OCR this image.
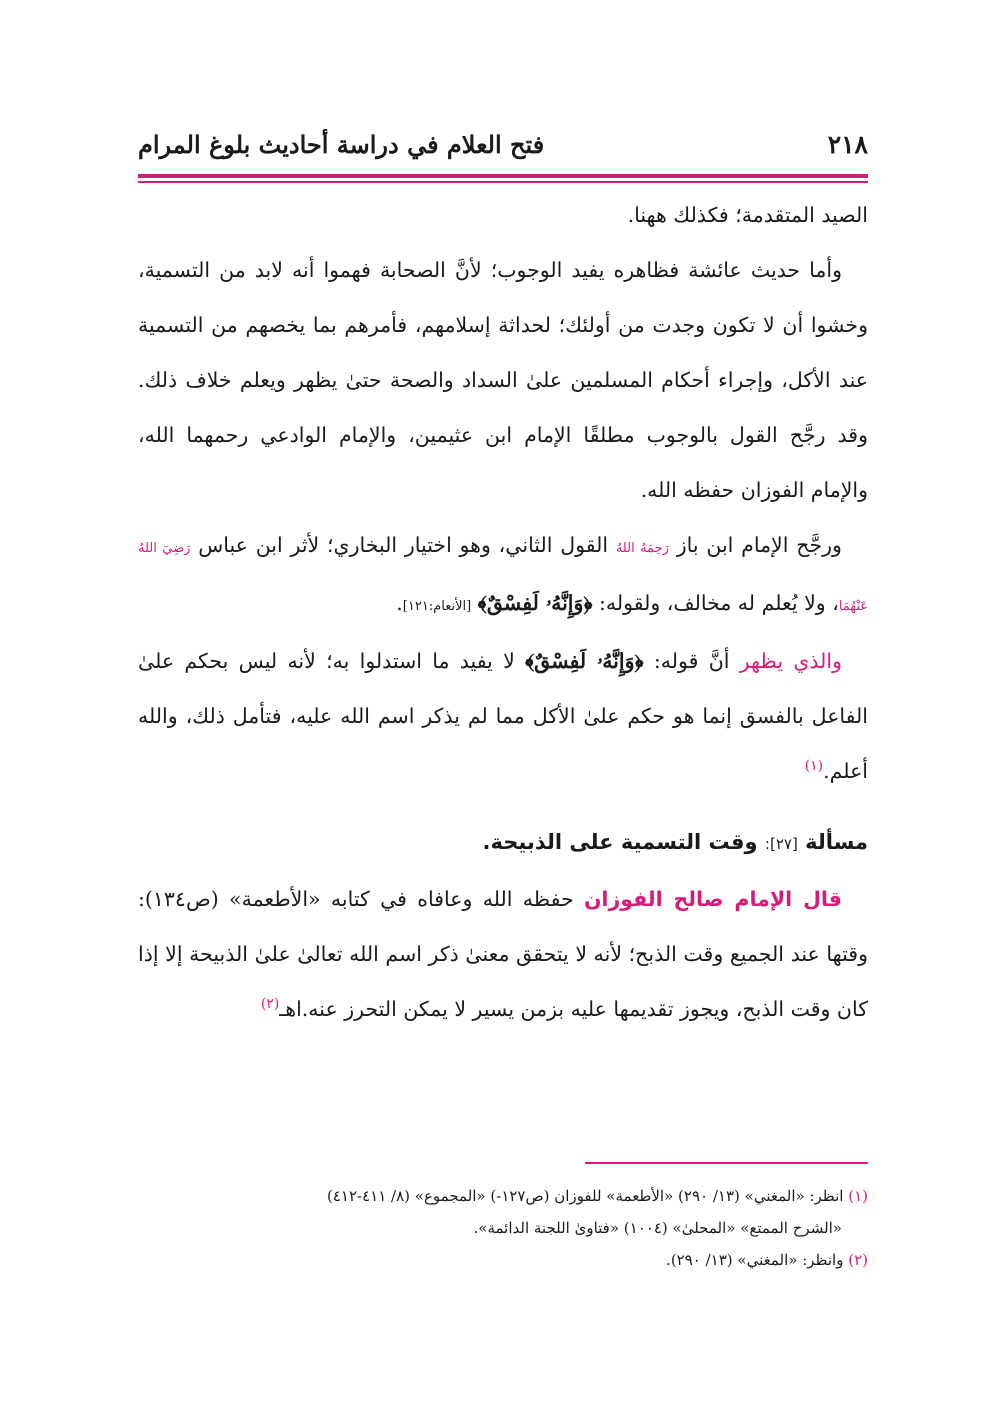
٢١٨
فتح العلام في دراسة أحاديث بلوغ المرام

الصيد المتقدمة؛ فكذلك ههنا.

وأما حديث عائشة فظاهره يفيد الوجوب؛ لأنَّ الصحابة فهموا أنه لابد من التسمية، وخشوا أن لا تكون وجدت من أولئك؛ لحداثة إسلامهم، فأمرهم بما يخصهم من التسمية عند الأكل، وإجراء أحكام المسلمين علىٰ السداد والصحة حتىٰ يظهر ويعلم خلاف ذلك. وقد رجَّح القول بالوجوب مطلقًا الإمام ابن عثيمين، والإمام الوادعي رحمهما الله، والإمام الفوزان حفظه الله.

ورجَّح الإمام ابن باز رَحِمَهُ اللهُ القول الثاني، وهو اختيار البخاري؛ لأثر ابن عباس رَضِيَ اللهُ عَنْهُمَا، ولا يُعلم له مخالف، ولقوله: ﴿وَإِنَّهُۥ لَفِسْقٌ﴾ [الأنعام:١٢١].

والذي يظهر أنَّ قوله: ﴿وَإِنَّهُۥ لَفِسْقٌ﴾ لا يفيد ما استدلوا به؛ لأنه ليس بحكم علىٰ الفاعل بالفسق إنما هو حكم علىٰ الأكل مما لم يذكر اسم الله عليه، فتأمل ذلك، والله أعلم.$^{(١)}$

مسألة [٢٧]: وقت التسمية على الذبيحة.

قال الإمام صالح الفوزان حفظه الله وعافاه في كتابه «الأطعمة» (ص١٣٤): وقتها عند الجميع وقت الذبح؛ لأنه لا يتحقق معنىٰ ذكر اسم الله تعالىٰ علىٰ الذبيحة إلا إذا كان وقت الذبح، ويجوز تقديمها عليه بزمن يسير لا يمكن التحرز عنه.اهـ$^{(٢)}$

(١) انظر: «المغني» (١٣/ ٢٩٠) «الأطعمة» للفوزان (ص١٢٧-) «المجموع» (٨/ ٤١١-٤١٢)

«الشرح الممتع» «المحلىٰ» (١٠٠٤) «فتاوىٰ اللجنة الدائمة».

(٢) وانظر: «المغني» (١٣/ ٢٩٠).
